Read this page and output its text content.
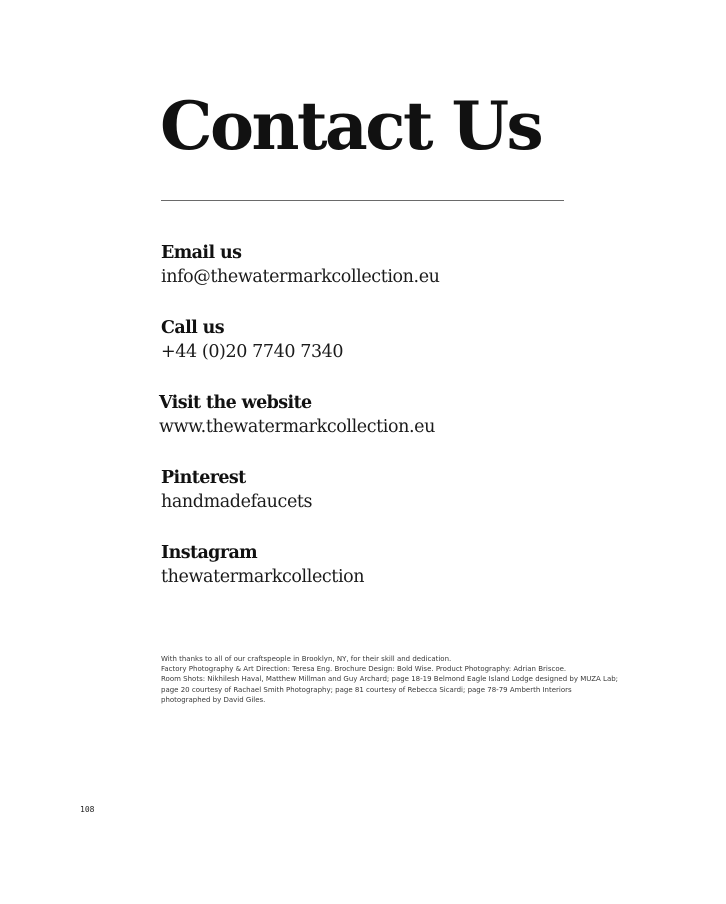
Contact Us
Email us
info@thewatermarkcollection.eu
Call us
+44 (0)20 7740 7340
Visit the website
www.thewatermarkcollection.eu
Pinterest
handmadefaucets
Instagram
thewatermarkcollection

With thanks to all of our craftspeople in Brooklyn, NY, for their skill and dedication.

Factory Photography & Art Direction: Teresa Eng. Brochure Design: Bold Wise. Product Photography: Adrian Briscoe.

Room Shots: Nikhilesh Haval, Matthew Millman and Guy Archard; page 18-19 Belmond Eagle Island Lodge designed by MUZA Lab; page 20 courtesy of Rachael Smith Photography; page 81 courtesy of Rebecca Sicardi; page 78-79 Amberth Interiors photographed by David Giles.

108
